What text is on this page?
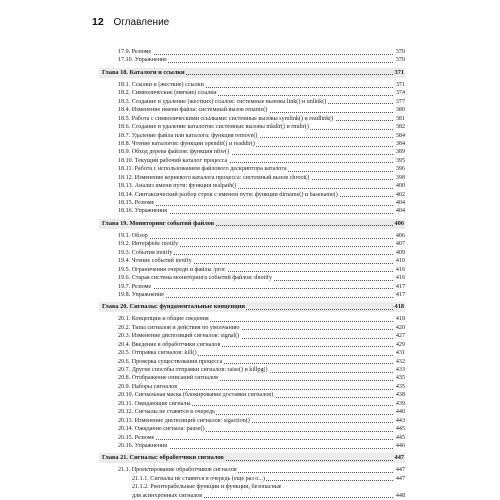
12 Оглавление
17.9. Резюме	370
17.10. Упражнение	370
Глава 18. Каталоги и ссылки	371
18.1. Ссылки и (жесткие) ссылки	371
18.2. Символические (мягкие) ссылки	374
18.3. Создание и удаление (жестких) ссылок: системные вызовы link() и unlink()	377
18.4. Изменение имени файла: системный вызов rename()	380
18.5. Работа с символическими ссылками: системные вызовы symlink() и readlink()	381
18.6. Создание и удаление каталогов: системные вызовы mkdir() и rmdir()	382
18.7. Удаление файла или каталога: функция remove()	384
18.8. Чтение каталогов: функции opendir() и readdir()	384
18.9. Обход дерева файлов: функция nftw()	389
18.10. Текущий рабочий каталог процесса	395
18.11. Работа с использованием файлового дескриптора каталога	396
18.12. Изменение корневого каталога процесса: системный вызов chroot()	398
18.13. Анализ имени пути: функция realpath()	400
18.14. Синтаксический разбор строк с именем пути: функции dirname() и basename()	402
18.15. Резюме	404
18.16. Упражнения	404
Глава 19. Мониторинг событий файлов	406
19.1. Обзор	406
19.2. Интерфейс inotify	407
19.3. События inotify	409
19.4. Чтение событий inotify	410
19.5. Ограничения очереди и файлы /proc	416
19.6. Старая система мониторинга событий файлов: dnotify	416
19.7. Резюме	417
19.8. Упражнение	417
Глава 20. Сигналы: фундаментальные концепции	418
20.1. Концепции и общие сведения	418
20.2. Типы сигналов и действия по умолчанию	420
20.3. Изменение диспозиций сигналов: signal()	427
20.4. Введение в обработчики сигналов	429
20.5. Отправка сигналов: kill()	431
20.6. Проверка существования процесса	432
20.7. Другие способы отправки сигналов: raise() и killpg()	433
20.8. Отображение описаний сигналов	435
20.9. Наборы сигналов	435
20.10. Сигнальная маска (блокирование доставки сигналов)	438
20.11. Ожидающие сигналы	439
20.12. Сигналы не ставятся в очередь	440
20.13. Изменение диспозиций сигналов: sigaction()	443
20.14. Ожидание сигнала: pause()	445
20.15. Резюме	445
20.16. Упражнения	446
Глава 21. Сигналы: обработчики сигналов	447
21.1. Проектирование обработчиков сигналов	447
21.1.1. Сигналы не ставятся в очередь (еще раз о...)	447
21.1.2. Реентерабельные функции и функции, безопасные
для асинхронных сигналов	448
